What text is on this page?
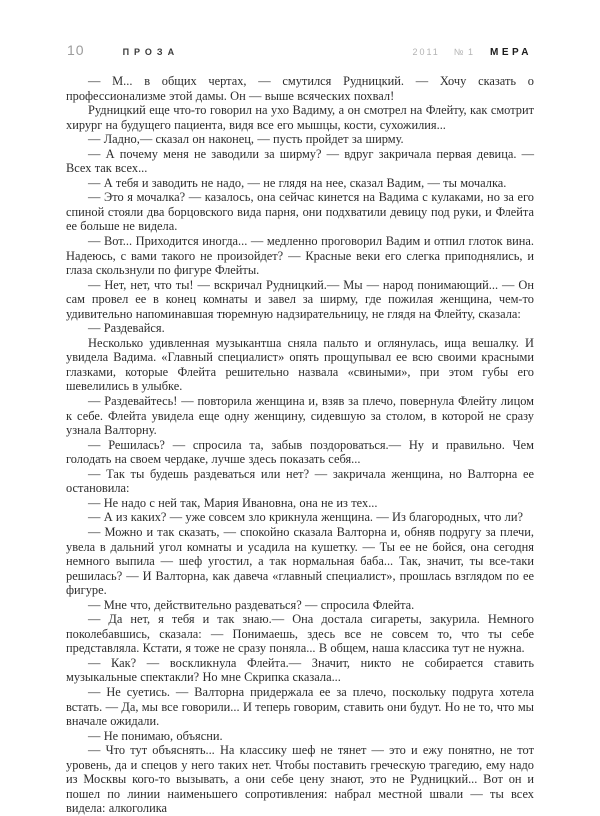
10	ПРОЗА	2011 № 1 МЕРА

— М... в общих чертах, — смутился Рудницкий. — Хочу сказать о профессионализме этой дамы. Он — выше всяческих похвал!

Рудницкий еще что-то говорил на ухо Вадиму, а он смотрел на Флейту, как смотрит хирург на будущего пациента, видя все его мышцы, кости, сухожилия...

— Ладно,— сказал он наконец, — пусть пройдет за ширму.

— А почему меня не заводили за ширму? — вдруг закричала первая девица. — Всех так всех...

— А тебя и заводить не надо, — не глядя на нее, сказал Вадим, — ты мочалка.

— Это я мочалка? — казалось, она сейчас кинется на Вадима с кулаками, но за его спиной стояли два борцовского вида парня, они подхватили девицу под руки, и Флейта ее больше не видела.

— Вот... Приходится иногда... — медленно проговорил Вадим и отпил глоток вина. Надеюсь, с вами такого не произойдет? — Красные веки его слегка приподнялись, и глаза скользнули по фигуре Флейты.

— Нет, нет, что ты! — вскричал Рудницкий.— Мы — народ понимающий... — Он сам провел ее в конец комнаты и завел за ширму, где пожилая женщина, чем-то удивительно напоминавшая тюремную надзирательницу, не глядя на Флейту, сказала:

— Раздевайся.

Несколько удивленная музыкантша сняла пальто и оглянулась, ища вешалку. И увидела Вадима. «Главный специалист» опять прощупывал ее всю своими красными глазками, которые Флейта решительно назвала «свиными», при этом губы его шевелились в улыбке.

— Раздевайтесь! — повторила женщина и, взяв за плечо, повернула Флейту лицом к себе. Флейта увидела еще одну женщину, сидевшую за столом, в которой не сразу узнала Валторну.

— Решилась? — спросила та, забыв поздороваться.— Ну и правильно. Чем голодать на своем чердаке, лучше здесь показать себя...

— Так ты будешь раздеваться или нет? — закричала женщина, но Валторна ее остановила:

— Не надо с ней так, Мария Ивановна, она не из тех...

— А из каких? — уже совсем зло крикнула женщина. — Из благородных, что ли?

— Можно и так сказать, — спокойно сказала Валторна и, обняв подругу за плечи, увела в дальний угол комнаты и усадила на кушетку. — Ты ее не бойся, она сегодня немного выпила — шеф угостил, а так нормальная баба... Так, значит, ты все-таки решилась? — И Валторна, как давеча «главный специалист», прошлась взглядом по ее фигуре.

— Мне что, действительно раздеваться? — спросила Флейта.

— Да нет, я тебя и так знаю.— Она достала сигареты, закурила. Немного поколебавшись, сказала: — Понимаешь, здесь все не совсем то, что ты себе представляла. Кстати, я тоже не сразу поняла... В общем, наша классика тут не нужна.

— Как? — воскликнула Флейта.— Значит, никто не собирается ставить музыкальные спектакли? Но мне Скрипка сказала...

— Не суетись. — Валторна придержала ее за плечо, поскольку подруга хотела встать. — Да, мы все говорили... И теперь говорим, ставить они будут. Но не то, что мы вначале ожидали.

— Не понимаю, объясни.

— Что тут объяснять... На классику шеф не тянет — это и ежу понятно, не тот уровень, да и спецов у него таких нет. Чтобы поставить греческую трагедию, ему надо из Москвы кого-то вызывать, а они себе цену знают, это не Рудницкий... Вот он и пошел по линии наименьшего сопротивления: набрал местной швали — ты всех видела: алкоголика
